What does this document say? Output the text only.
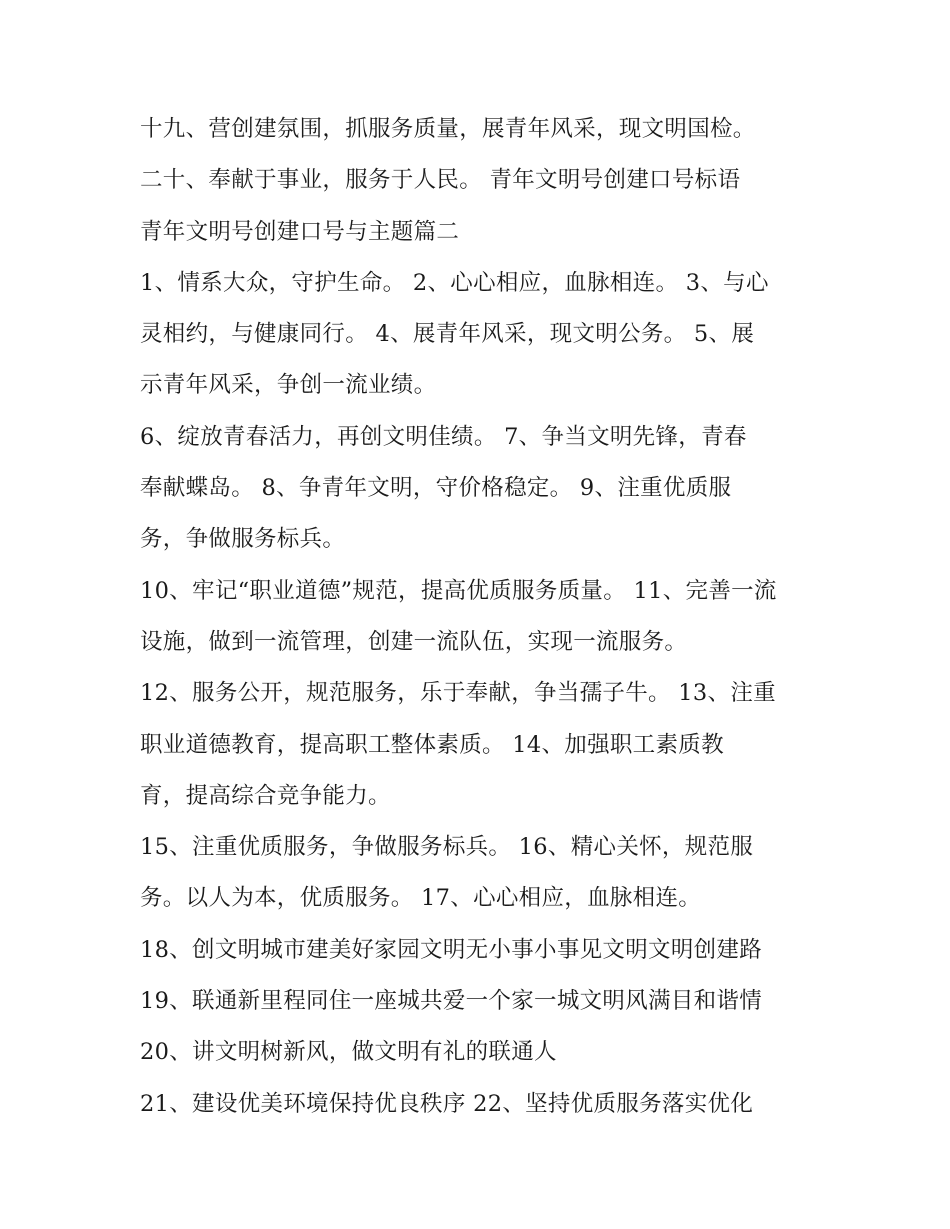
十九、营创建氛围，抓服务质量，展青年风采，现文明国检。
二十、奉献于事业，服务于人民。 青年文明号创建口号标语
青年文明号创建口号与主题篇二
1、情系大众，守护生命。 2、心心相应，血脉相连。 3、与心
灵相约，与健康同行。 4、展青年风采，现文明公务。 5、展
示青年风采，争创一流业绩。
6、绽放青春活力，再创文明佳绩。 7、争当文明先锋，青春
奉献蝶岛。 8、争青年文明，守价格稳定。 9、注重优质服
务，争做服务标兵。
10、牢记“职业道德”规范，提高优质服务质量。 11、完善一流
设施，做到一流管理，创建一流队伍，实现一流服务。
12、服务公开，规范服务，乐于奉献，争当孺子牛。 13、注重
职业道德教育，提高职工整体素质。 14、加强职工素质教
育，提高综合竞争能力。
15、注重优质服务，争做服务标兵。 16、精心关怀，规范服
务。以人为本，优质服务。 17、心心相应，血脉相连。
18、创文明城市建美好家园文明无小事小事见文明文明创建路
19、联通新里程同住一座城共爱一个家一城文明风满目和谐情
20、讲文明树新风，做文明有礼的联通人
21、建设优美环境保持优良秩序 22、坚持优质服务落实优化
